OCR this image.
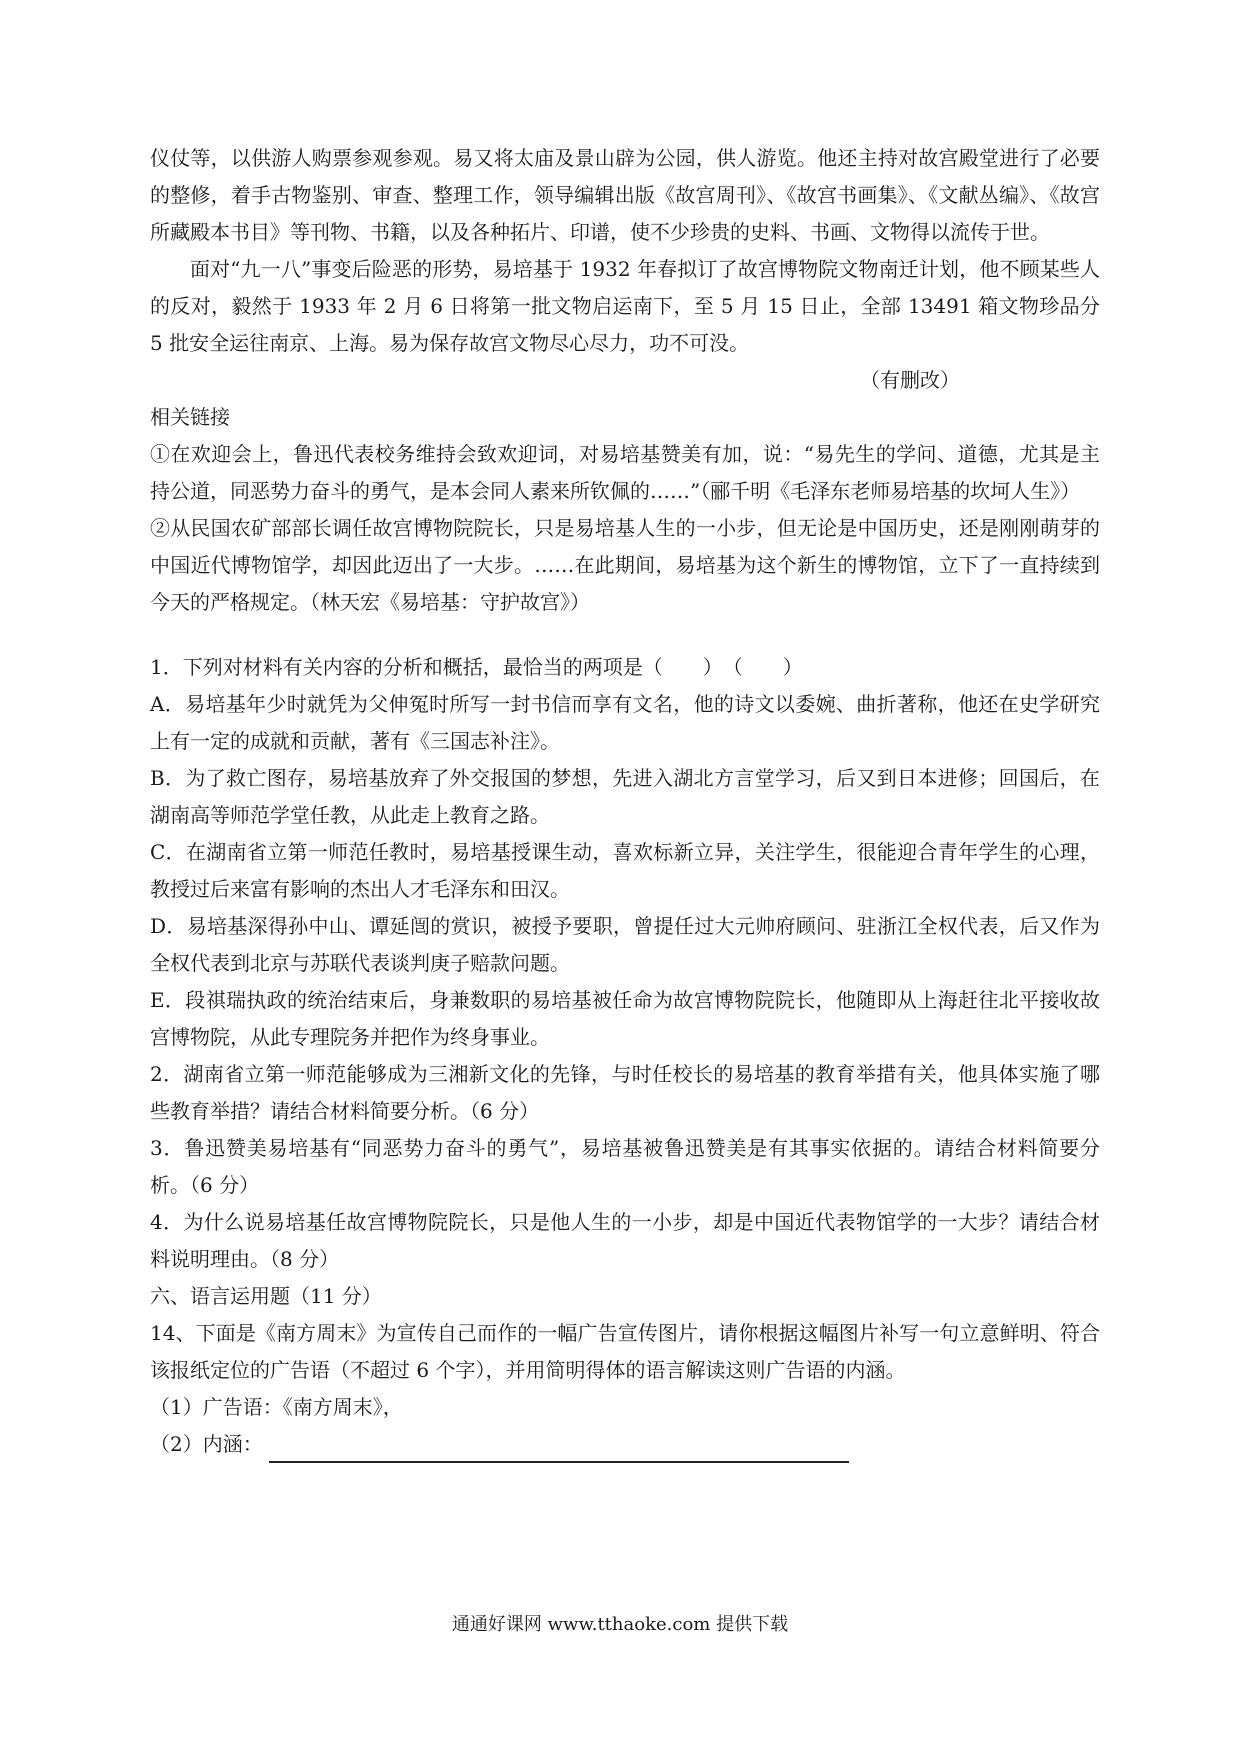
仪仗等，以供游人购票参观参观。易又将太庙及景山辟为公园，供人游览。他还主持对故宫殿堂进行了必要的整修，着手古物鉴别、审查、整理工作，领导编辑出版《故宫周刊》、《故宫书画集》、《文献丛编》、《故宫所藏殿本书目》等刊物、书籍，以及各种拓片、印谱，使不少珍贵的史料、书画、文物得以流传于世。

面对“九一八”事变后险恶的形势，易培基于 1932 年春拟订了故宫博物院文物南迁计划，他不顾某些人的反对，毅然于 1933 年 2 月 6 日将第一批文物启运南下，至 5 月 15 日止，全部 13491 箱文物珍品分 5 批安全运往南京、上海。易为保存故宫文物尽心尽力，功不可没。

（有删改）

相关链接

①在欢迎会上，鲁迅代表校务维持会致欢迎词，对易培基赞美有加，说：“易先生的学问、道德，尤其是主持公道，同恶势力奋斗的勇气，是本会同人素来所钦佩的……”（郦千明《毛泽东老师易培基的坎坷人生》）

②从民国农矿部部长调任故宫博物院院长，只是易培基人生的一小步，但无论是中国历史，还是刚刚萌芽的中国近代博物馆学，却因此迈出了一大步。……在此期间，易培基为这个新生的博物馆，立下了一直持续到今天的严格规定。（林天宏《易培基：守护故宫》）

1．下列对材料有关内容的分析和概括，最恰当的两项是（　　）　（　　）

A．易培基年少时就凭为父伸冤时所写一封书信而享有文名，他的诗文以委婉、曲折著称，他还在史学研究上有一定的成就和贡献，著有《三国志补注》。

B．为了救亡图存，易培基放弃了外交报国的梦想，先进入湖北方言堂学习，后又到日本进修；回国后，在湖南高等师范学堂任教，从此走上教育之路。

C．在湖南省立第一师范任教时，易培基授课生动，喜欢标新立异，关注学生，很能迎合青年学生的心理，教授过后来富有影响的杰出人才毛泽东和田汉。

D．易培基深得孙中山、谭延闿的赏识，被授予要职，曾提任过大元帅府顾问、驻浙江全权代表，后又作为全权代表到北京与苏联代表谈判庚子赔款问题。

E．段祺瑞执政的统治结束后，身兼数职的易培基被任命为故宫博物院院长，他随即从上海赶往北平接收故宫博物院，从此专理院务并把作为终身事业。

2．湖南省立第一师范能够成为三湘新文化的先锋，与时任校长的易培基的教育举措有关，他具体实施了哪些教育举措？请结合材料简要分析。（6 分）

3．鲁迅赞美易培基有“同恶势力奋斗的勇气”，易培基被鲁迅赞美是有其事实依据的。请结合材料简要分析。（6 分）

4．为什么说易培基任故宫博物院院长，只是他人生的一小步，却是中国近代表物馆学的一大步？请结合材料说明理由。（8 分）

六、语言运用题（11 分）

14、下面是《南方周末》为宣传自己而作的一幅广告宣传图片，请你根据这幅图片补写一句立意鲜明、符合该报纸定位的广告语（不超过 6 个字），并用简明得体的语言解读这则广告语的内涵。

（1）广告语：《南方周末》，

（2）内涵：

通通好课网 www.tthaoke.com 提供下载
